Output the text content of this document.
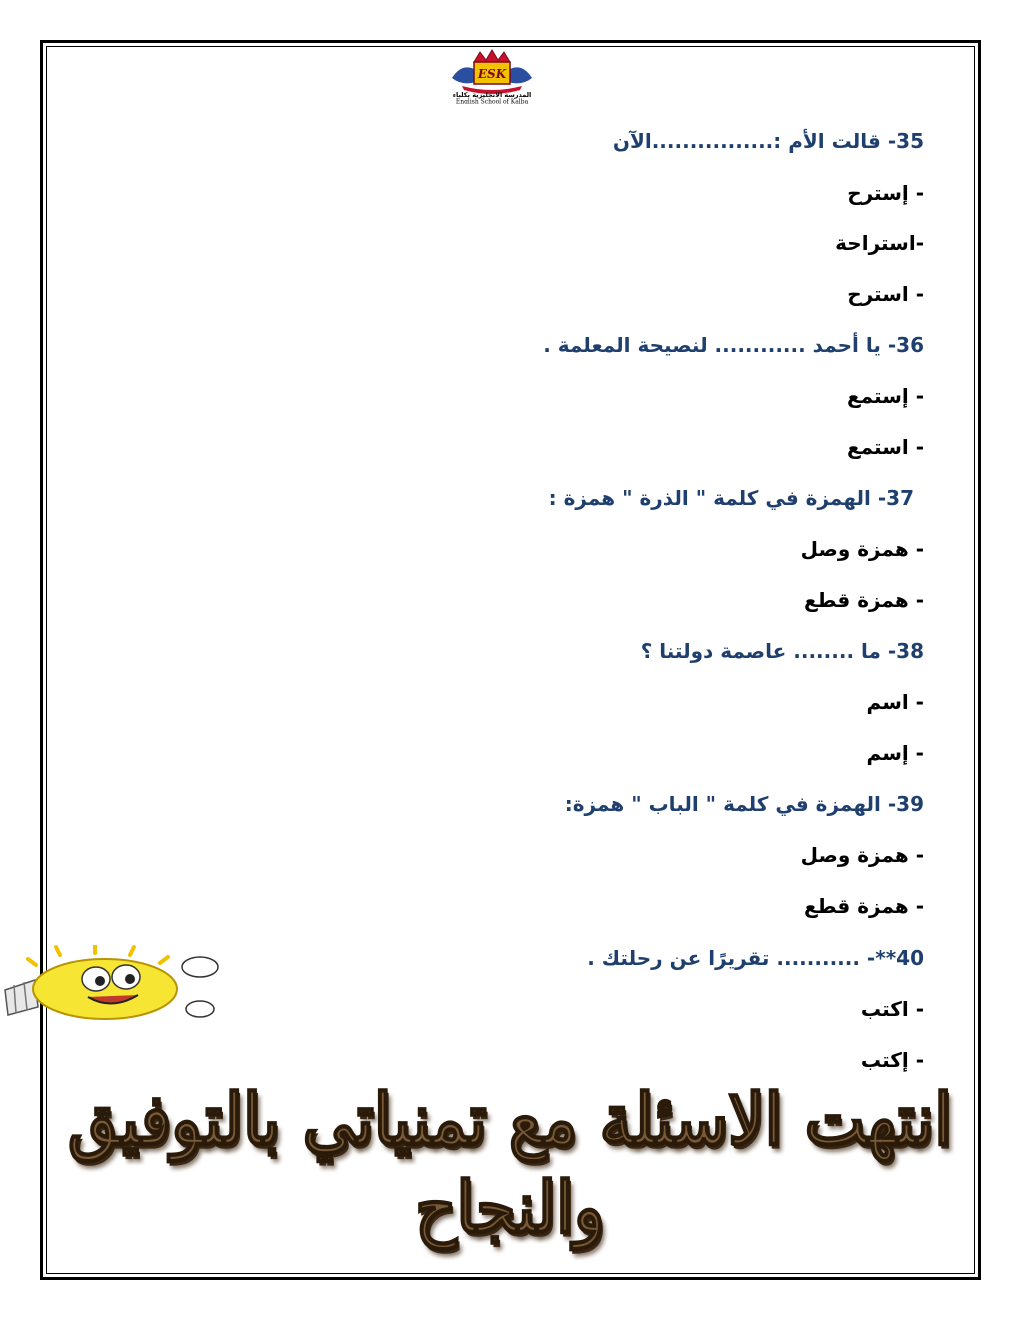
ESK
المدرسة الانجليزية بكلباء
English School of Kalba
35- قالت الأم :................الآن
- إسترح
-استراحة
- استرح
36- يا أحمد ............ لنصيحة المعلمة .
- إستمع
- استمع
37- الهمزة في كلمة " الذرة " همزة :
- همزة وصل
- همزة قطع
38- ما ........ عاصمة دولتنا ؟
- اسم
- إسم
39- الهمزة في كلمة " الباب " همزة:
- همزة وصل
- همزة قطع
40**- ........... تقريرًا عن رحلتك .
- اكتب
- إكتب
انتهت الاسئلة مع تمنياتي بالتوفيق والنجاح
